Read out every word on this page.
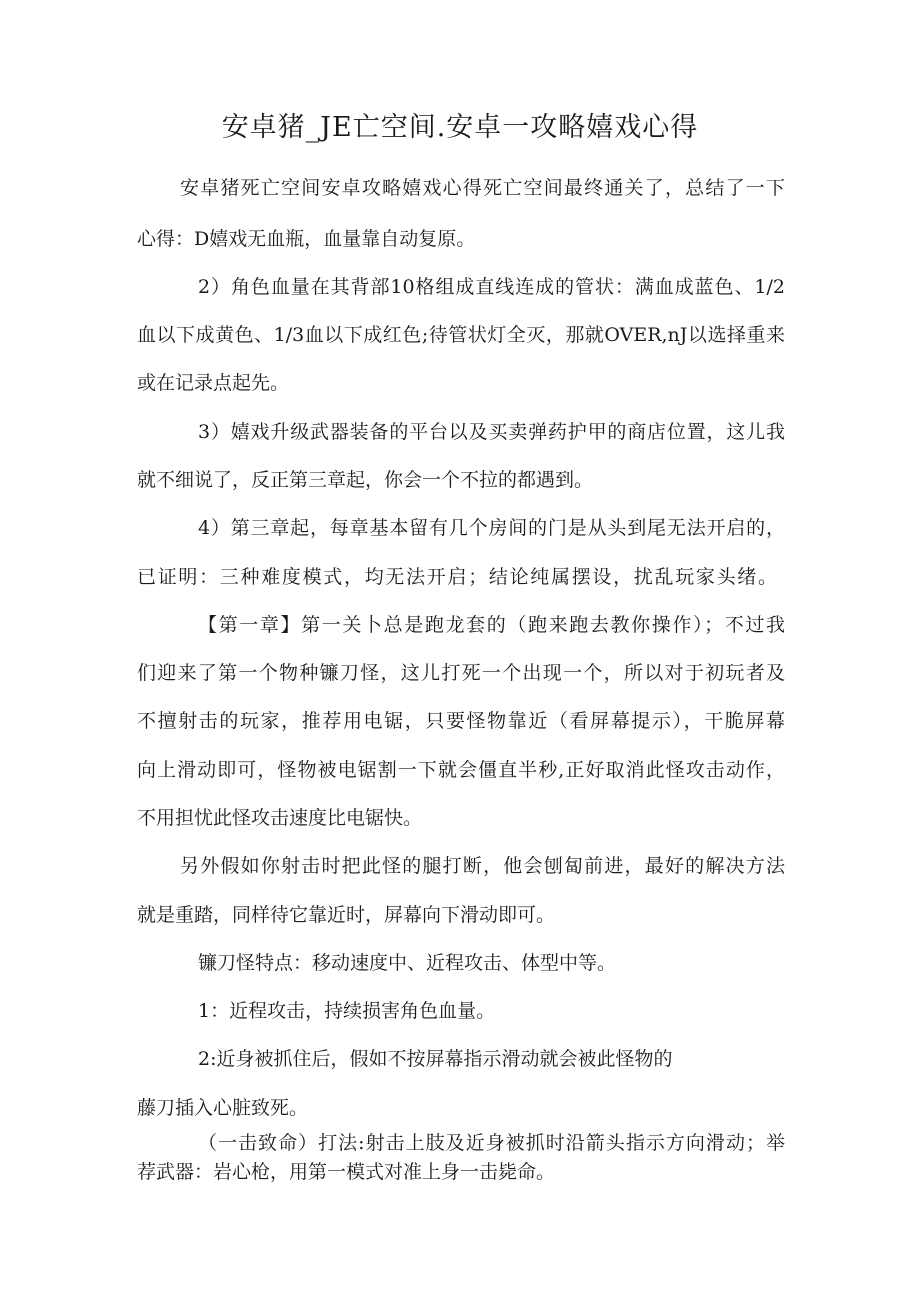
安卓猪_JE亡空间.安卓一攻略嬉戏心得
安卓猪死亡空间安卓攻略嬉戏心得死亡空间最终通关了，总结了一下
心得：D嬉戏无血瓶，血量靠自动复原。
2）角色血量在其背部10格组成直线连成的管状：满血成蓝色、1/2
血以下成黄色、1/3血以下成红色;待管状灯全灭，那就OVER,nJ以选择重来
或在记录点起先。
3）嬉戏升级武器装备的平台以及买卖弹药护甲的商店位置，这儿我
就不细说了，反正第三章起，你会一个不拉的都遇到。
4）第三章起，每章基本留有几个房间的门是从头到尾无法开启的，
已证明：三种难度模式，均无法开启；结论纯属摆设，扰乱玩家头绪。
【第一章】第一关卜总是跑龙套的（跑来跑去教你操作）；不过我
们迎来了第一个物种镰刀怪，这儿打死一个出现一个，所以对于初玩者及
不擅射击的玩家，推荐用电锯，只要怪物靠近（看屏幕提示），干脆屏幕
向上滑动即可，怪物被电锯割一下就会僵直半秒,正好取消此怪攻击动作，
不用担忧此怪攻击速度比电锯快。
另外假如你射击时把此怪的腿打断，他会刨匐前进，最好的解决方法
就是重踏，同样待它靠近时，屏幕向下滑动即可。
镰刀怪特点：移动速度中、近程攻击、体型中等。
1：近程攻击，持续损害角色血量。
2:近身被抓住后，假如不按屏幕指示滑动就会被此怪物的
藤刀插入心脏致死。
（一击致命）打法:射击上肢及近身被抓时沿箭头指示方向滑动；举
荐武器：岩心枪，用第一模式对准上身一击毙命。
